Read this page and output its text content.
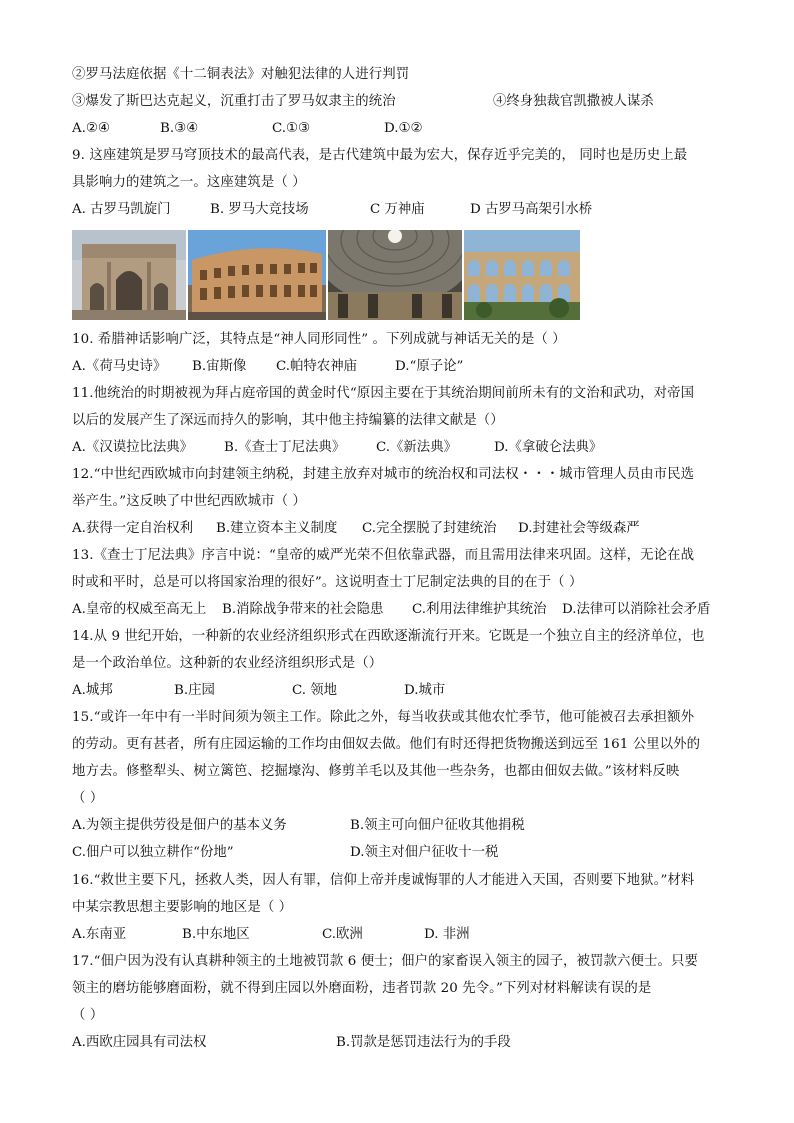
②罗马法庭依据《十二铜表法》对触犯法律的人进行判罚
③爆发了斯巴达克起义，沉重打击了罗马奴隶主的统治	④终身独裁官凯撒被人谋杀
A.②④	B.③④	C.①③	D.①②
9. 这座建筑是罗马穹顶技术的最高代表，是古代建筑中最为宏大，保存近乎完美的， 同时也是历史上最
具影响力的建筑之一。这座建筑是（ ）
A. 古罗马凯旋门	B. 罗马大竞技场	C 万神庙	D 古罗马高架引水桥
10. 希腊神话影响广泛，其特点是“神人同形同性” 。下列成就与神话无关的是（ ）
A.《荷马史诗》 B.宙斯像 C.帕特农神庙	D.“原子论”
11.他统治的时期被视为拜占庭帝国的黄金时代“原因主要在于其统治期间前所未有的文治和武功，对帝国
以后的发展产生了深远而持久的影响，其中他主持编纂的法律文献是（）
A.《汉谟拉比法典》 B.《查士丁尼法典》 C.《新法典》	D.《拿破仑法典》
12.“中世纪西欧城市向封建领主纳税，封建主放弃对城市的统治权和司法权・・・城市管理人员由市民选
举产生。”这反映了中世纪西欧城市（ ）
A.获得一定自治权利 B.建立资本主义制度 C.完全摆脱了封建统治 D.封建社会等级森严
13.《查士丁尼法典》序言中说：“皇帝的威严光荣不但依靠武器，而且需用法律来巩固。这样，无论在战
时或和平时，总是可以将国家治理的很好”。这说明查士丁尼制定法典的目的在于（ ）
A.皇帝的权威至高无上 B.消除战争带来的社会隐患 C.利用法律维护其统治 D.法律可以消除社会矛盾
14.从 9 世纪开始，一种新的农业经济组织形式在西欧逐渐流行开来。它既是一个独立自主的经济单位，也
是一个政治单位。这种新的农业经济组织形式是（）
A.城邦	B.庄园	C. 领地	D.城市
15.“或许一年中有一半时间须为领主工作。除此之外，每当收获或其他农忙季节，他可能被召去承担额外
的劳动。更有甚者，所有庄园运输的工作均由佃奴去做。他们有时还得把货物搬送到远至 161 公里以外的
地方去。修整犁头、树立篱笆、挖掘壕沟、修剪羊毛以及其他一些杂务，也都由佃奴去做。”该材料反映
（ ）
A.为领主提供劳役是佃户的基本义务	B.领主可向佃户征收其他捐税
C.佃户可以独立耕作“份地”	D.领主对佃户征收十一税
16.“救世主要下凡，拯救人类，因人有罪，信仰上帝并虔诚悔罪的人才能进入天国，否则要下地狱。”材料
中某宗教思想主要影响的地区是（ ）
A.东南亚	B.中东地区	C.欧洲	D. 非洲
17.“佃户因为没有认真耕种领主的土地被罚款 6 便士；佃户的家畜误入领主的园子，被罚款六便士。只要
领主的磨坊能够磨面粉，就不得到庄园以外磨面粉，违者罚款 20 先令。”下列对材料解读有误的是
（ ）
A.西欧庄园具有司法权	B.罚款是惩罚违法行为的手段
